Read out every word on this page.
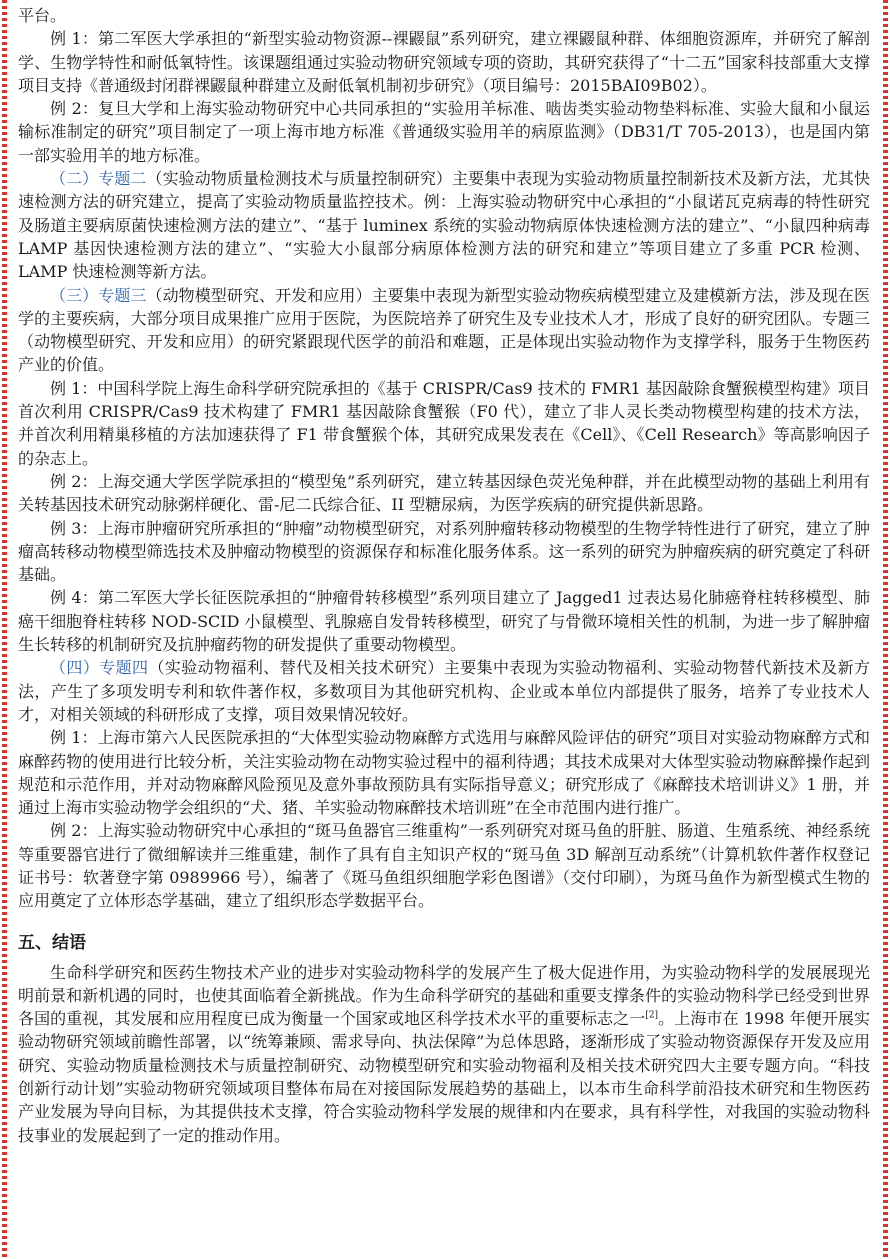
平台。

例 1：第二军医大学承担的“新型实验动物资源--裸鼹鼠”系列研究，建立裸鼹鼠种群、体细胞资源库，并研究了解剖学、生物学特性和耐低氧特性。该课题组通过实验动物研究领域专项的资助，其研究获得了“十二五”国家科技部重大支撑项目支持《普通级封闭群裸鼹鼠种群建立及耐低氧机制初步研究》（项目编号：2015BAI09B02）。

例 2：复旦大学和上海实验动物研究中心共同承担的“实验用羊标准、啮齿类实验动物垫料标准、实验大鼠和小鼠运输标准制定的研究”项目制定了一项上海市地方标准《普通级实验用羊的病原监测》（DB31/T 705-2013），也是国内第一部实验用羊的地方标准。

（二）专题二（实验动物质量检测技术与质量控制研究）主要集中表现为实验动物质量控制新技术及新方法，尤其快速检测方法的研究建立，提高了实验动物质量监控技术。例：上海实验动物研究中心承担的“小鼠诺瓦克病毒的特性研究及肠道主要病原菌快速检测方法的建立”、“基于 luminex 系统的实验动物病原体快速检测方法的建立”、“小鼠四种病毒 LAMP 基因快速检测方法的建立”、“实验大小鼠部分病原体检测方法的研究和建立”等项目建立了多重 PCR 检测、LAMP 快速检测等新方法。

（三）专题三（动物模型研究、开发和应用）主要集中表现为新型实验动物疾病模型建立及建模新方法，涉及现在医学的主要疾病，大部分项目成果推广应用于医院，为医院培养了研究生及专业技术人才，形成了良好的研究团队。专题三（动物模型研究、开发和应用）的研究紧跟现代医学的前沿和难题，正是体现出实验动物作为支撑学科，服务于生物医药产业的价值。

例 1：中国科学院上海生命科学研究院承担的《基于 CRISPR/Cas9 技术的 FMR1 基因敲除食蟹猴模型构建》项目首次利用 CRISPR/Cas9 技术构建了 FMR1 基因敲除食蟹猴（F0 代），建立了非人灵长类动物模型构建的技术方法，并首次利用精巢移植的方法加速获得了 F1 带食蟹猴个体，其研究成果发表在《Cell》、《Cell Research》等高影响因子的杂志上。

例 2：上海交通大学医学院承担的“模型兔”系列研究，建立转基因绿色荧光兔种群，并在此模型动物的基础上利用有关转基因技术研究动脉粥样硬化、雷-尼二氏综合征、II 型糖尿病，为医学疾病的研究提供新思路。

例 3：上海市肿瘤研究所承担的“肿瘤”动物模型研究，对系列肿瘤转移动物模型的生物学特性进行了研究，建立了肿瘤高转移动物模型筛选技术及肿瘤动物模型的资源保存和标准化服务体系。这一系列的研究为肿瘤疾病的研究奠定了科研基础。

例 4：第二军医大学长征医院承担的“肿瘤骨转移模型”系列项目建立了 Jagged1 过表达易化肺癌脊柱转移模型、肺癌干细胞脊柱转移 NOD-SCID 小鼠模型、乳腺癌自发骨转移模型，研究了与骨微环境相关性的机制，为进一步了解肿瘤生长转移的机制研究及抗肿瘤药物的研发提供了重要动物模型。

（四）专题四（实验动物福利、替代及相关技术研究）主要集中表现为实验动物福利、实验动物替代新技术及新方法，产生了多项发明专利和软件著作权，多数项目为其他研究机构、企业或本单位内部提供了服务，培养了专业技术人才，对相关领域的科研形成了支撑，项目效果情况较好。

例 1：上海市第六人民医院承担的“大体型实验动物麻醉方式选用与麻醉风险评估的研究”项目对实验动物麻醉方式和麻醉药物的使用进行比较分析，关注实验动物在动物实验过程中的福利待遇；其技术成果对大体型实验动物麻醉操作起到规范和示范作用，并对动物麻醉风险预见及意外事故预防具有实际指导意义；研究形成了《麻醉技术培训讲义》1 册，并通过上海市实验动物学会组织的“犬、猪、羊实验动物麻醉技术培训班”在全市范围内进行推广。

例 2：上海实验动物研究中心承担的“斑马鱼器官三维重构”一系列研究对斑马鱼的肝脏、肠道、生殖系统、神经系统等重要器官进行了微细解读并三维重建，制作了具有自主知识产权的“斑马鱼 3D 解剖互动系统”（计算机软件著作权登记证书号：软著登字第 0989966 号），编著了《斑马鱼组织细胞学彩色图谱》（交付印刷），为斑马鱼作为新型模式生物的应用奠定了立体形态学基础，建立了组织形态学数据平台。

五、结语

生命科学研究和医药生物技术产业的进步对实验动物科学的发展产生了极大促进作用，为实验动物科学的发展展现光明前景和新机遇的同时，也使其面临着全新挑战。作为生命科学研究的基础和重要支撑条件的实验动物科学已经受到世界各国的重视，其发展和应用程度已成为衡量一个国家或地区科学技术水平的重要标志之一[2]。上海市在 1998 年便开展实验动物研究领域前瞻性部署，以“统筹兼顾、需求导向、执法保障”为总体思路，逐渐形成了实验动物资源保存开发及应用研究、实验动物质量检测技术与质量控制研究、动物模型研究和实验动物福利及相关技术研究四大主要专题方向。“科技创新行动计划”实验动物研究领域项目整体布局在对接国际发展趋势的基础上，以本市生命科学前沿技术研究和生物医药产业发展为导向目标，为其提供技术支撑，符合实验动物科学发展的规律和内在要求，具有科学性，对我国的实验动物科技事业的发展起到了一定的推动作用。
